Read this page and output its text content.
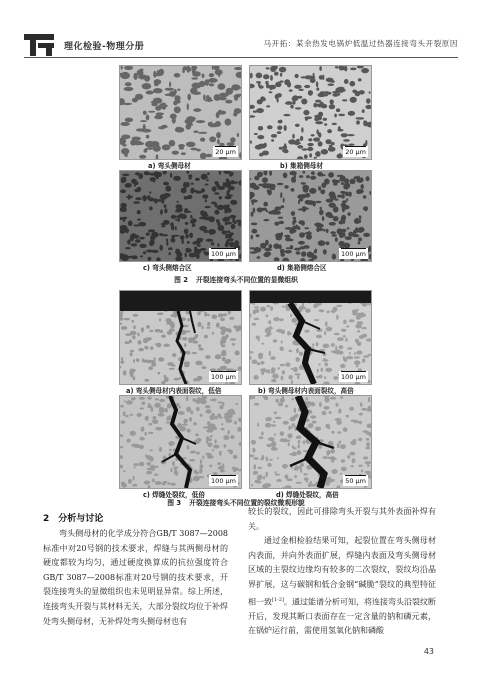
理化检验-物理分册	马开拓：某余热发电锅炉低温过热器连接弯头开裂原因
20 μm	20 μm
a) 弯头侧母材	b) 集箱侧母材
100 μm	100 μm
c) 弯头侧熔合区	d) 集箱侧熔合区
图 2 开裂连接弯头不同位置的显微组织
100 μm	100 μm
a) 弯头侧母材内表面裂纹，低倍	b) 弯头侧母材内表面裂纹，高倍
100 μm	50 μm
c) 焊缝处裂纹，低倍	d) 焊缝处裂纹，高倍
图 3 开裂连接弯头不同位置的裂纹微观形貌
2　分析与讨论

弯头侧母材的化学成分符合GB/T 3087—2008标准中对20号钢的技术要求，焊缝与其两侧母材的硬度都较为均匀，通过硬度换算成的抗拉强度符合GB/T 3087—2008标准对20号钢的技术要求，开裂连接弯头的显微组织也未见明显异常。综上所述，连接弯头开裂与其材料无关，大部分裂纹均位于补焊处弯头侧母材，无补焊处弯头侧母材也有

较长的裂纹，因此可排除弯头开裂与其外表面补焊有关。

通过金相检验结果可知，起裂位置在弯头侧母材内表面，并向外表面扩展，焊缝内表面及弯头侧母材区域的主裂纹边缘均有较多的二次裂纹，裂纹均沿晶界扩展，这与碳钢和低合金钢“碱脆”裂纹的典型特征相一致[1-2]。通过能谱分析可知，将连接弯头沿裂纹断开后，发现其断口表面存在一定含量的钠和磷元素，在锅炉运行前，需使用氢氧化钠和磷酸

43
